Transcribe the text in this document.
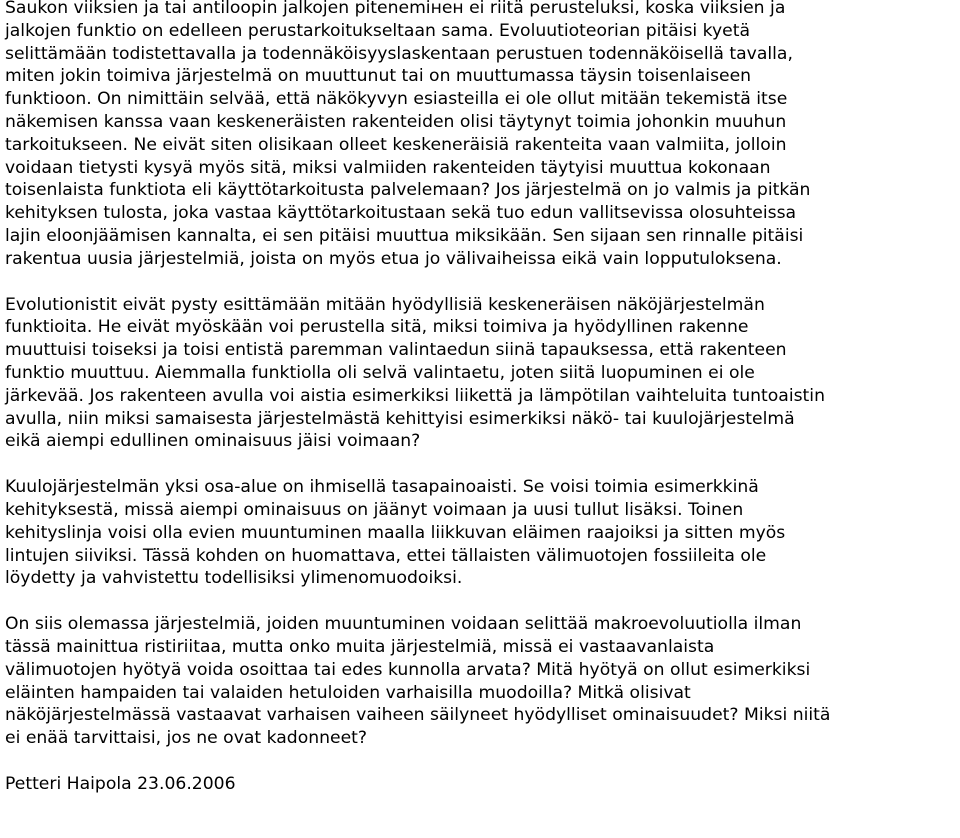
Saukon viiksien ja tai antiloopin jalkojen pitenemінен ei riitä perusteluksi, koska viiksien ja
jalkojen funktio on edelleen perustarkoitukseltaan sama. Evoluutioteorian pitäisi kyetä
selittämään todistettavalla ja todennäköisyyslaskentaan perustuen todennäköisellä tavalla,
miten jokin toimiva järjestelmä on muuttunut tai on muuttumassa täysin toisenlaiseen
funktioon. On nimittäin selvää, että näkökyvyn esiasteilla ei ole ollut mitään tekemistä itse
näkemisen kanssa vaan keskeneräisten rakenteiden olisi täytynyt toimia johonkin muuhun
tarkoitukseen. Ne eivät siten olisikaan olleet keskeneräisiä rakenteita vaan valmiita, jolloin
voidaan tietysti kysyä myös sitä, miksi valmiiden rakenteiden täytyisi muuttua kokonaan
toisenlaista funktiota eli käyttötarkoitusta palvelemaan? Jos järjestelmä on jo valmis ja pitkän
kehityksen tulosta, joka vastaa käyttötarkoitustaan sekä tuo edun vallitsevissa olosuhteissa
lajin eloonjäämisen kannalta, ei sen pitäisi muuttua miksikään. Sen sijaan sen rinnalle pitäisi
rakentua uusia järjestelmiä, joista on myös etua jo välivaiheissa eikä vain lopputuloksena.

Evolutionistit eivät pysty esittämään mitään hyödyllisiä keskeneräisen näköjärjestelmän
funktioita. He eivät myöskään voi perustella sitä, miksi toimiva ja hyödyllinen rakenne
muuttuisi toiseksi ja toisi entistä paremman valintaedun siinä tapauksessa, että rakenteen
funktio muuttuu. Aiemmalla funktiolla oli selvä valintaetu, joten siitä luopuminen ei ole
järkevää. Jos rakenteen avulla voi aistia esimerkiksi liikettä ja lämpötilan vaihteluita tuntoaistin
avulla, niin miksi samaisesta järjestelmästä kehittyisi esimerkiksi näkö- tai kuulojärjestelmä
eikä aiempi edullinen ominaisuus jäisi voimaan?

Kuulojärjestelmän yksi osa-alue on ihmisellä tasapainoaisti. Se voisi toimia esimerkkinä
kehityksestä, missä aiempi ominaisuus on jäänyt voimaan ja uusi tullut lisäksi. Toinen
kehityslinja voisi olla evien muuntuminen maalla liikkuvan eläimen raajoiksi ja sitten myös
lintujen siiviksi. Tässä kohden on huomattava, ettei tällaisten välimuotojen fossiileita ole
löydetty ja vahvistettu todellisiksi ylimenomuodoiksi.

On siis olemassa järjestelmiä, joiden muuntuminen voidaan selittää makroevoluutiolla ilman
tässä mainittua ristiriitaa, mutta onko muita järjestelmiä, missä ei vastaavanlaista
välimuotojen hyötyä voida osoittaa tai edes kunnolla arvata? Mitä hyötyä on ollut esimerkiksi
eläinten hampaiden tai valaiden hetuloiden varhaisilla muodoilla? Mitkä olisivat
näköjärjestelmässä vastaavat varhaisen vaiheen säilyneet hyödylliset ominaisuudet? Miksi niitä
ei enää tarvittaisi, jos ne ovat kadonneet?

Petteri Haipola 23.06.2006
